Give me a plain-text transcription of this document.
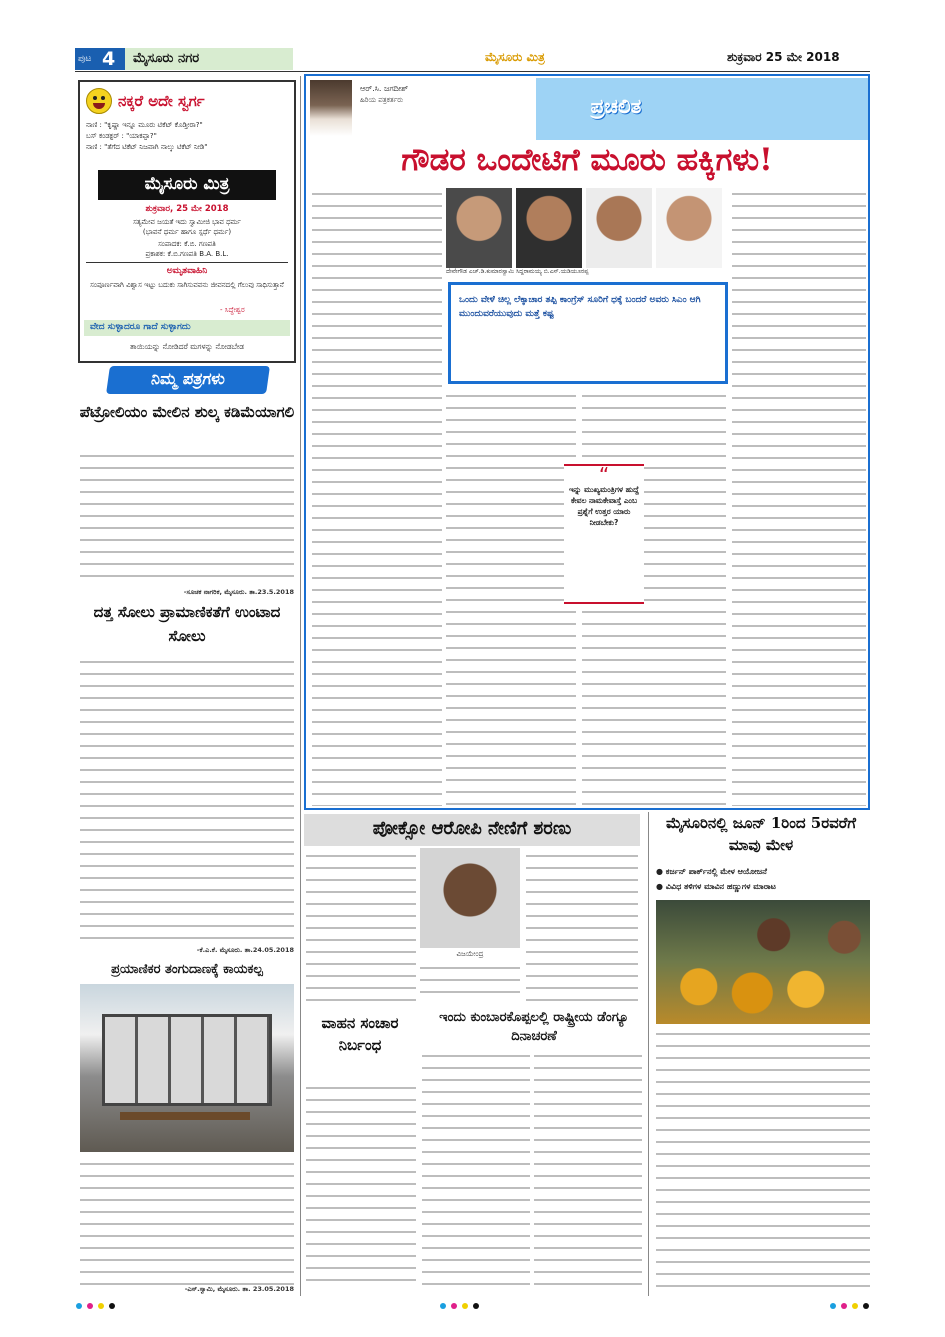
ಪುಟ 4 ಮೈಸೂರು ನಗರ	ಮೈಸೂರು ಮಿತ್ರ	ಶುಕ್ರವಾರ 25 ಮೇ 2018
ನಕ್ಕರೆ ಅದೇ ಸ್ವರ್ಗ
ನಾಣಿ : "ಕೃಷ್ಣಾ ಇನ್ನೂ ಮೂರು ಟಿಕೆಟ್ ಕೊಡ್ತೀರಾ?"
ಬಸ್ ಕಂಡಕ್ಟರ್ : "ಯಾಕಪ್ಪಾ?"
ನಾಣಿ : "ತೆಗೆದ ಟಿಕೆಟ್ ನಿಜವಾಗಿ ನಾಲ್ಕು ಟಿಕೆಟ್ ನೀಡಿ"
ಮೈಸೂರು ಮಿತ್ರ
ಶುಕ್ರವಾರ, 25 ಮೇ 2018
ಸತ್ಯಮೇವ ಜಯತೆ ಇದು ಸ್ವಾಮೀಜಿ ಭಾವ ಧರ್ಮ
(ಭಾವನೆ ಧರ್ಮ ಹಾಗೂ ಸ್ಪರ್ಧೆ ಧರ್ಮ)
ಸಂಪಾದಕ: ಕೆ.ಬಿ. ಗಣಪತಿ
ಪ್ರಕಾಶಕ: ಕೆ.ಬಿ.ಗಣಪತಿ B.A. B.L.
ಅಮೃತವಾಹಿನಿ
ಸಂಪೂರ್ಣವಾಗಿ ವಿಶ್ವಾಸ ಇಟ್ಟು ಬದುಕು ಸಾಗಿಸುವವನು ಜೀವನದಲ್ಲಿ ಗೆಲುವು ಸಾಧಿಸುತ್ತಾನೆ
- ಸಿದ್ಧೇಶ್ವರ
ವೇದ ಸುಳ್ಳಾದರೂ ಗಾದೆ ಸುಳ್ಳಾಗದು
ತಾಯಿಯನ್ನು ನೋಡಿದರೆ ಮಗಳನ್ನು ನೋಡಬೇಡ
ನಿಮ್ಮ ಪತ್ರಗಳು
ಪೆಟ್ರೋಲಿಯಂ ಮೇಲಿನ ಶುಲ್ಕ ಕಡಿಮೆಯಾಗಲಿ
-ಸೂಚಕ ನಾಗರಿಕ, ಮೈಸೂರು. ತಾ.23.5.2018
ದತ್ತ ಸೋಲು ಪ್ರಾಮಾಣಿಕತೆಗೆ ಉಂಟಾದ ಸೋಲು
-ಕೆ.ಎ.ಕೆ. ಮೈಸೂರು. ತಾ.24.05.2018
ಪ್ರಯಾಣಿಕರ ತಂಗುದಾಣಕ್ಕೆ ಕಾಯಕಲ್ಪ
-ಎಸ್.ಸ್ವಾಮಿ, ಮೈಸೂರು. ತಾ. 23.05.2018
ಆರ್.ಸಿ. ಜಗದೀಶ್
ಹಿರಿಯ ಪತ್ರಕರ್ತರು	ಪ್ರಚಲಿತ
ಗೌಡರ ಒಂದೇಟಿಗೆ ಮೂರು ಹಕ್ಕಿಗಳು!
ದೇವೇಗೌಡ ಎಚ್.ಡಿ.ಕುಮಾರಸ್ವಾಮಿ ಸಿದ್ದರಾಮಯ್ಯ ಬಿ.ಎಸ್.ಯಡಿಯೂರಪ್ಪ
ಒಂದು ವೇಳೆ ಚಿಲ್ಲ ಲೆಕ್ಕಾಚಾರ ತಪ್ಪಿ ಕಾಂಗ್ರೆಸ್ ಸೂರಿಗೆ ಧಕ್ಕೆ ಬಂದರೆ ಅವರು ಸಿಎಂ ಆಗಿ ಮುಂದುವರೆಯುವುದು ಮತ್ತೆ ಕಷ್ಟ
“
ಇನ್ನು ಮುಖ್ಯಮಂತ್ರಿಗಳ ಹುದ್ದೆ ಕೇವಲ ನಾಮಕೇವಾಸ್ತೆ ಎಂಬ ಪ್ರಶ್ನೆಗೆ ಉತ್ತರ ಯಾರು ನೀಡಬೇಕು?
ಪೋಕ್ಸೋ ಆರೋಪಿ ನೇಣಿಗೆ ಶರಣು
ವಿಜಯೇಂದ್ರ
ಮೈಸೂರಿನಲ್ಲಿ ಜೂನ್ 1ರಿಂದ 5ರವರೆಗೆ ಮಾವು ಮೇಳ
● ಕರ್ಜನ್ ಪಾರ್ಕ್‌ನಲ್ಲಿ ಮೇಳ ಆಯೋಜನೆ
● ವಿವಿಧ ತಳಿಗಳ ಮಾವಿನ ಹಣ್ಣುಗಳ ಮಾರಾಟ
ವಾಹನ ಸಂಚಾರ ನಿರ್ಬಂಧ
ಇಂದು ಕುಂಬಾರಕೊಪ್ಪಲಲ್ಲಿ ರಾಷ್ಟ್ರೀಯ ಡೆಂಗ್ಯೂ ದಿನಾಚರಣೆ
